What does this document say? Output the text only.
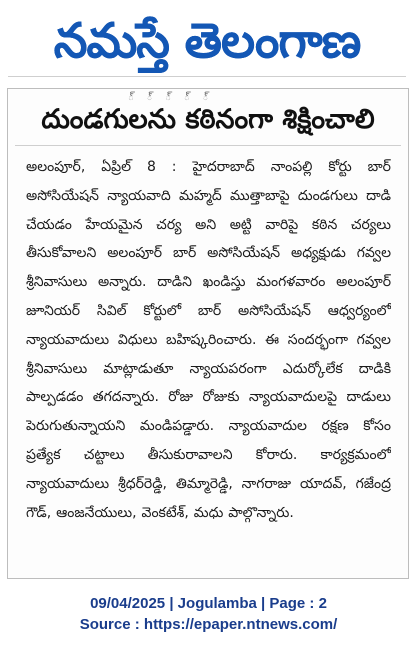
నమస్తే తెలంగాణ
్ ్ ్ ్ ్
దుండగులను కఠినంగా శిక్షించాలి
అలంపూర్, ఏప్రిల్ 8 : హైదరాబాద్ నాంపల్లి కోర్టు బార్ అసోసియేషన్ న్యాయవాది మహ్మద్ ముత్తాబాపై దుండగులు దాడి చేయడం హేయమైన చర్య అని అట్టి వారిపై కఠిన చర్యలు తీసుకోవాలని అలంపూర్ బార్ అసోసియేషన్ అధ్యక్షుడు గవ్వల శ్రీనివాసులు అన్నారు. దాడిని ఖండిస్తు మంగళవారం అలంపూర్ జూనియర్ సివిల్ కోర్టులో బార్ అసోసియేషన్ ఆధ్వర్యంలో న్యాయవాదులు విధులు బహిష్కరించారు. ఈ సందర్భంగా గవ్వల శ్రీనివాసులు మాట్లాడుతూ న్యాయపరంగా ఎదుర్కోలేక దాడికి పాల్పడడం తగదన్నారు. రోజు రోజుకు న్యాయవాదులపై దాడులు పెరుగుతున్నాయని మండిపడ్డారు. న్యాయవాదుల రక్షణ కోసం ప్రత్యేక చట్టాలు తీసుకురావాలని కోరారు. కార్యక్రమంలో న్యాయవాదులు శ్రీధర్‌రెడ్డి, తిమ్మారెడ్డి, నాగరాజు యాదవ్, గజేంద్ర గౌడ్, ఆంజనేయులు, వెంకటేశ్, మధు పాల్గొన్నారు.
09/04/2025 | Jogulamba | Page : 2
Source : https://epaper.ntnews.com/
